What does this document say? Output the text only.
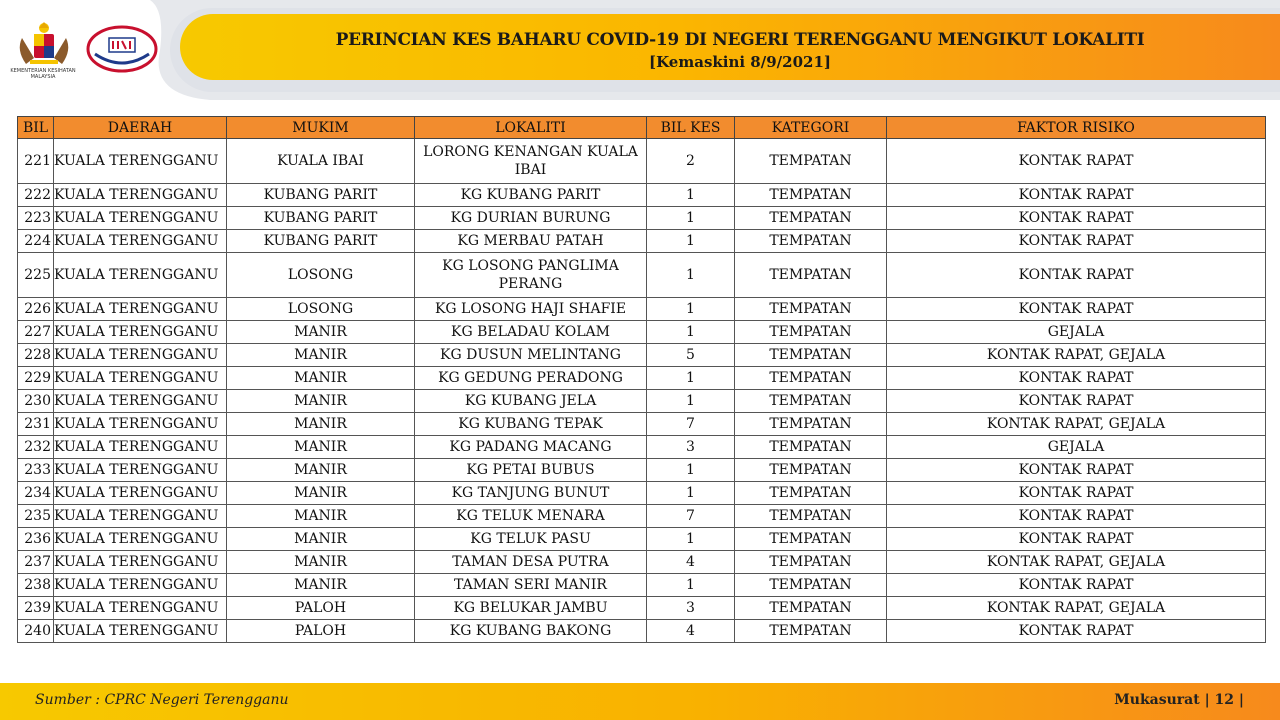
PERINCIAN KES BAHARU COVID-19 DI NEGERI TERENGGANU MENGIKUT LOKALITI
[Kemaskini 8/9/2021]
KEMENTERIAN KESIHATAN MALAYSIA
BIL	DAERAH	MUKIM	LOKALITI	BIL KES	KATEGORI	FAKTOR RISIKO
221	KUALA TERENGGANU	KUALA IBAI	LORONG KENANGAN KUALA IBAI	2	TEMPATAN	KONTAK RAPAT
222	KUALA TERENGGANU	KUBANG PARIT	KG KUBANG PARIT	1	TEMPATAN	KONTAK RAPAT
223	KUALA TERENGGANU	KUBANG PARIT	KG DURIAN BURUNG	1	TEMPATAN	KONTAK RAPAT
224	KUALA TERENGGANU	KUBANG PARIT	KG MERBAU PATAH	1	TEMPATAN	KONTAK RAPAT
225	KUALA TERENGGANU	LOSONG	KG LOSONG PANGLIMA PERANG	1	TEMPATAN	KONTAK RAPAT
226	KUALA TERENGGANU	LOSONG	KG LOSONG HAJI SHAFIE	1	TEMPATAN	KONTAK RAPAT
227	KUALA TERENGGANU	MANIR	KG BELADAU KOLAM	1	TEMPATAN	GEJALA
228	KUALA TERENGGANU	MANIR	KG DUSUN MELINTANG	5	TEMPATAN	KONTAK RAPAT, GEJALA
229	KUALA TERENGGANU	MANIR	KG GEDUNG PERADONG	1	TEMPATAN	KONTAK RAPAT
230	KUALA TERENGGANU	MANIR	KG KUBANG JELA	1	TEMPATAN	KONTAK RAPAT
231	KUALA TERENGGANU	MANIR	KG KUBANG TEPAK	7	TEMPATAN	KONTAK RAPAT, GEJALA
232	KUALA TERENGGANU	MANIR	KG PADANG MACANG	3	TEMPATAN	GEJALA
233	KUALA TERENGGANU	MANIR	KG PETAI BUBUS	1	TEMPATAN	KONTAK RAPAT
234	KUALA TERENGGANU	MANIR	KG TANJUNG BUNUT	1	TEMPATAN	KONTAK RAPAT
235	KUALA TERENGGANU	MANIR	KG TELUK MENARA	7	TEMPATAN	KONTAK RAPAT
236	KUALA TERENGGANU	MANIR	KG TELUK PASU	1	TEMPATAN	KONTAK RAPAT
237	KUALA TERENGGANU	MANIR	TAMAN DESA PUTRA	4	TEMPATAN	KONTAK RAPAT, GEJALA
238	KUALA TERENGGANU	MANIR	TAMAN SERI MANIR	1	TEMPATAN	KONTAK RAPAT
239	KUALA TERENGGANU	PALOH	KG BELUKAR JAMBU	3	TEMPATAN	KONTAK RAPAT, GEJALA
240	KUALA TERENGGANU	PALOH	KG KUBANG BAKONG	4	TEMPATAN	KONTAK RAPAT
Sumber : CPRC Negeri Terengganu	Mukasurat | 12 |
